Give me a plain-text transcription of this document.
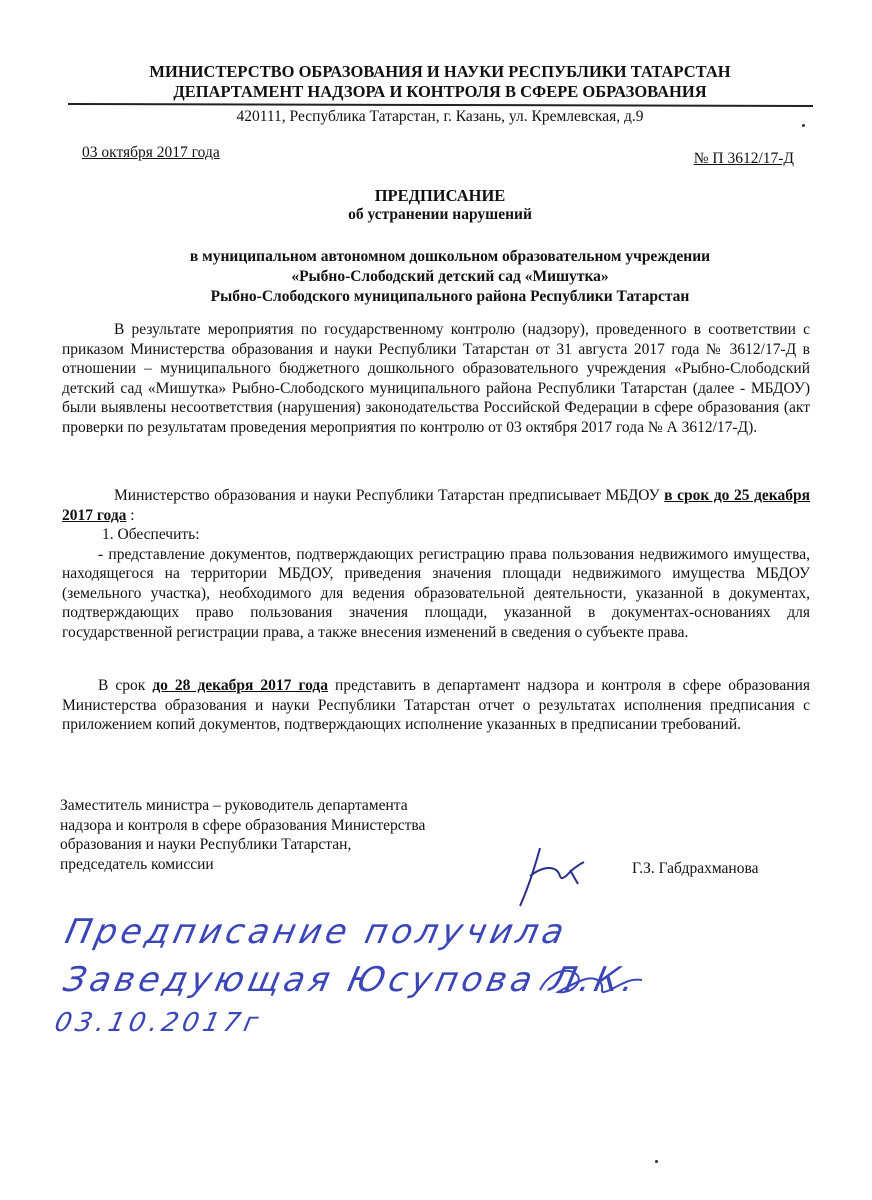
МИНИСТЕРСТВО ОБРАЗОВАНИЯ И НАУКИ РЕСПУБЛИКИ ТАТАРСТАН
ДЕПАРТАМЕНТ НАДЗОРА И КОНТРОЛЯ В СФЕРЕ ОБРАЗОВАНИЯ
420111, Республика Татарстан, г. Казань, ул. Кремлевская, д.9
03 октября 2017 года	№ П 3612/17-Д
ПРЕДПИСАНИЕ
об устранении нарушений
в муниципальном автономном дошкольном образовательном учреждении
«Рыбно-Слободский детский сад «Мишутка»
Рыбно-Слободского муниципального района Республики Татарстан
В результате мероприятия по государственному контролю (надзору), проведенного в соответствии с приказом Министерства образования и науки Республики Татарстан от 31 августа 2017 года № 3612/17-Д в отношении – муниципального бюджетного дошкольного образовательного учреждения «Рыбно-Слободский детский сад «Мишутка» Рыбно-Слободского муниципального района Республики Татарстан (далее - МБДОУ) были выявлены несоответствия (нарушения) законодательства Российской Федерации в сфере образования (акт проверки по результатам проведения мероприятия по контролю от 03 октября 2017 года № А 3612/17-Д).
Министерство образования и науки Республики Татарстан предписывает МБДОУ в срок до 25 декабря 2017 года :
1. Обеспечить:
- представление документов, подтверждающих регистрацию права пользования недвижимого имущества, находящегося на территории МБДОУ, приведения значения площади недвижимого имущества МБДОУ (земельного участка), необходимого для ведения образовательной деятельности, указанной в документах, подтверждающих право пользования значения площади, указанной в документах-основаниях для государственной регистрации права, а также внесения изменений в сведения о субъекте права.
В срок до 28 декабря 2017 года представить в департамент надзора и контроля в сфере образования Министерства образования и науки Республики Татарстан отчет о результатах исполнения предписания с приложением копий документов, подтверждающих исполнение указанных в предписании требований.
Заместитель министра – руководитель департамента
надзора и контроля в сфере образования Министерства
образования и науки Республики Татарстан,
председатель комиссии	Г.З. Габдрахманова
Предписание получила
Заведующая Юсупова Л.К.  03.10.2017г
